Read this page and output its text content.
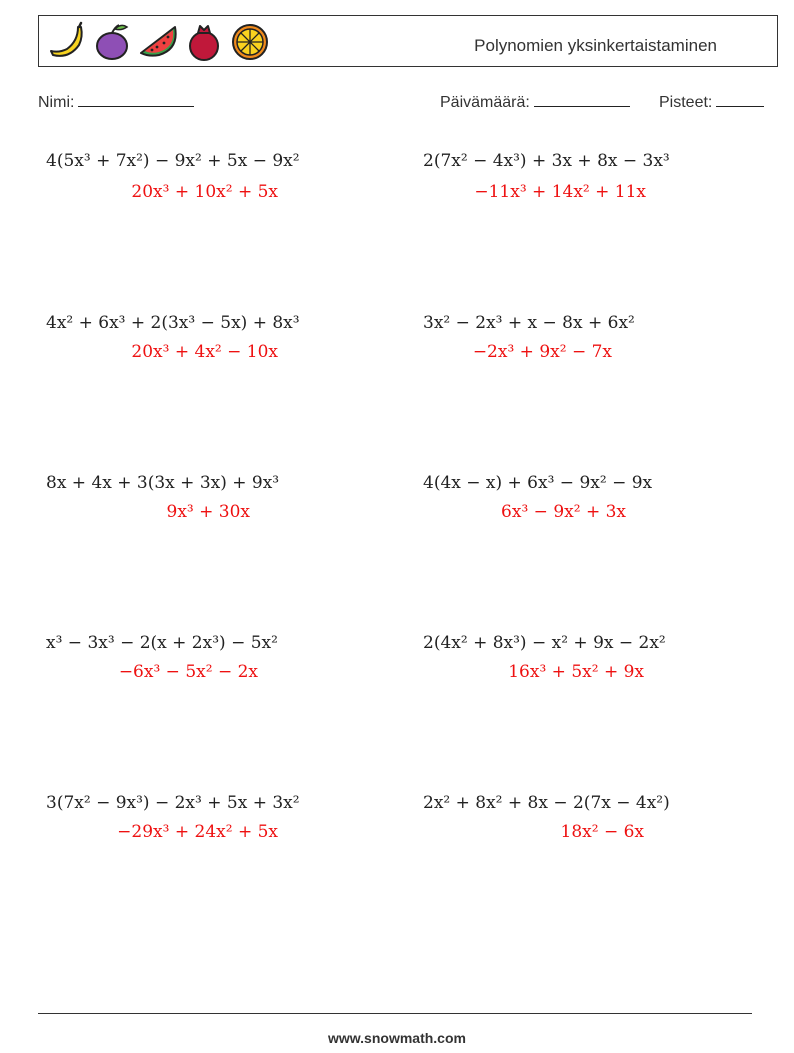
Polynomien yksinkertaistaminen
Nimi:	Päivämäärä:	Pisteet:
4(5x³ + 7x²) − 9x² + 5x − 9x²
20x³ + 10x² + 5x
2(7x² − 4x³) + 3x + 8x − 3x³
−11x³ + 14x² + 11x
4x² + 6x³ + 2(3x³ − 5x) + 8x³
20x³ + 4x² − 10x
3x² − 2x³ + x − 8x + 6x²
−2x³ + 9x² − 7x
8x + 4x + 3(3x + 3x) + 9x³
9x³ + 30x
4(4x − x) + 6x³ − 9x² − 9x
6x³ − 9x² + 3x
x³ − 3x³ − 2(x + 2x³) − 5x²
−6x³ − 5x² − 2x
2(4x² + 8x³) − x² + 9x − 2x²
16x³ + 5x² + 9x
3(7x² − 9x³) − 2x³ + 5x + 3x²
−29x³ + 24x² + 5x
2x² + 8x² + 8x − 2(7x − 4x²)
18x² − 6x
www.snowmath.com
